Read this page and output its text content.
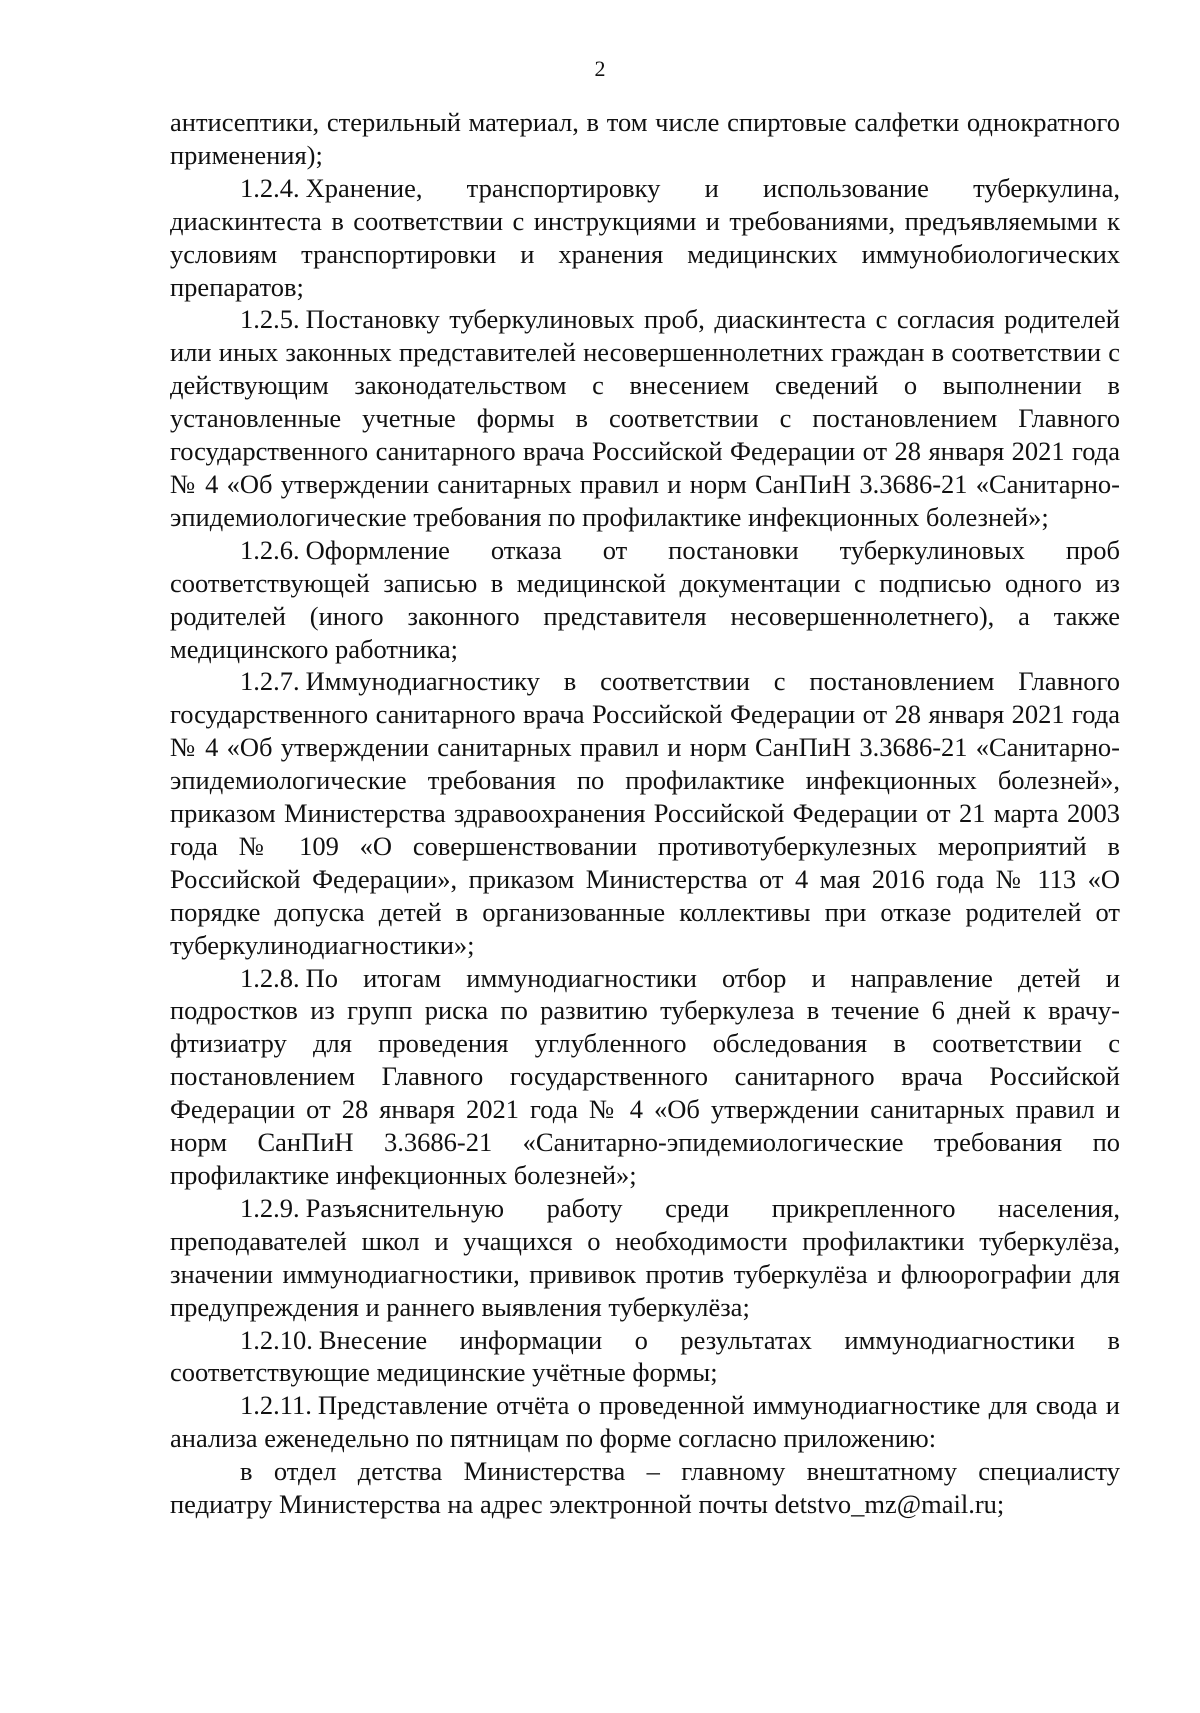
2

антисептики, стерильный материал, в том числе спиртовые салфетки однократного применения);

1.2.4. Хранение, транспортировку и использование туберкулина, диаскинтеста в соответствии с инструкциями и требованиями, предъявляемыми к условиям транспортировки и хранения медицинских иммунобиологических препаратов;

1.2.5. Постановку туберкулиновых проб, диаскинтеста с согласия родителей или иных законных представителей несовершеннолетних граждан в соответствии с действующим законодательством с внесением сведений о выполнении в установленные учетные формы в соответствии с постановлением Главного государственного санитарного врача Российской Федерации от 28 января 2021 года № 4 «Об утверждении санитарных правил и норм СанПиН 3.3686-21 «Санитарно-эпидемиологические требования по профилактике инфекционных болезней»;

1.2.6. Оформление отказа от постановки туберкулиновых проб соответствующей записью в медицинской документации с подписью одного из родителей (иного законного представителя несовершеннолетнего), а также медицинского работника;

1.2.7. Иммунодиагностику в соответствии с постановлением Главного государственного санитарного врача Российской Федерации от 28 января 2021 года № 4 «Об утверждении санитарных правил и норм СанПиН 3.3686-21 «Санитарно-эпидемиологические требования по профилактике инфекционных болезней», приказом Министерства здравоохранения Российской Федерации от 21 марта 2003 года № 109 «О совершенствовании противотуберкулезных мероприятий в Российской Федерации», приказом Министерства от 4 мая 2016 года № 113 «О порядке допуска детей в организованные коллективы при отказе родителей от туберкулинодиагностики»;

1.2.8. По итогам иммунодиагностики отбор и направление детей и подростков из групп риска по развитию туберкулеза в течение 6 дней к врачу-фтизиатру для проведения углубленного обследования в соответствии с постановлением Главного государственного санитарного врача Российской Федерации от 28 января 2021 года № 4 «Об утверждении санитарных правил и норм СанПиН 3.3686-21 «Санитарно-эпидемиологические требования по профилактике инфекционных болезней»;

1.2.9. Разъяснительную работу среди прикрепленного населения, преподавателей школ и учащихся о необходимости профилактики туберкулёза, значении иммунодиагностики, прививок против туберкулёза и флюорографии для предупреждения и раннего выявления туберкулёза;

1.2.10. Внесение информации о результатах иммунодиагностики в соответствующие медицинские учётные формы;

1.2.11. Представление отчёта о проведенной иммунодиагностике для свода и анализа еженедельно по пятницам по форме согласно приложению:

в отдел детства Министерства – главному внештатному специалисту педиатру Министерства на адрес электронной почты detstvo_mz@mail.ru;
